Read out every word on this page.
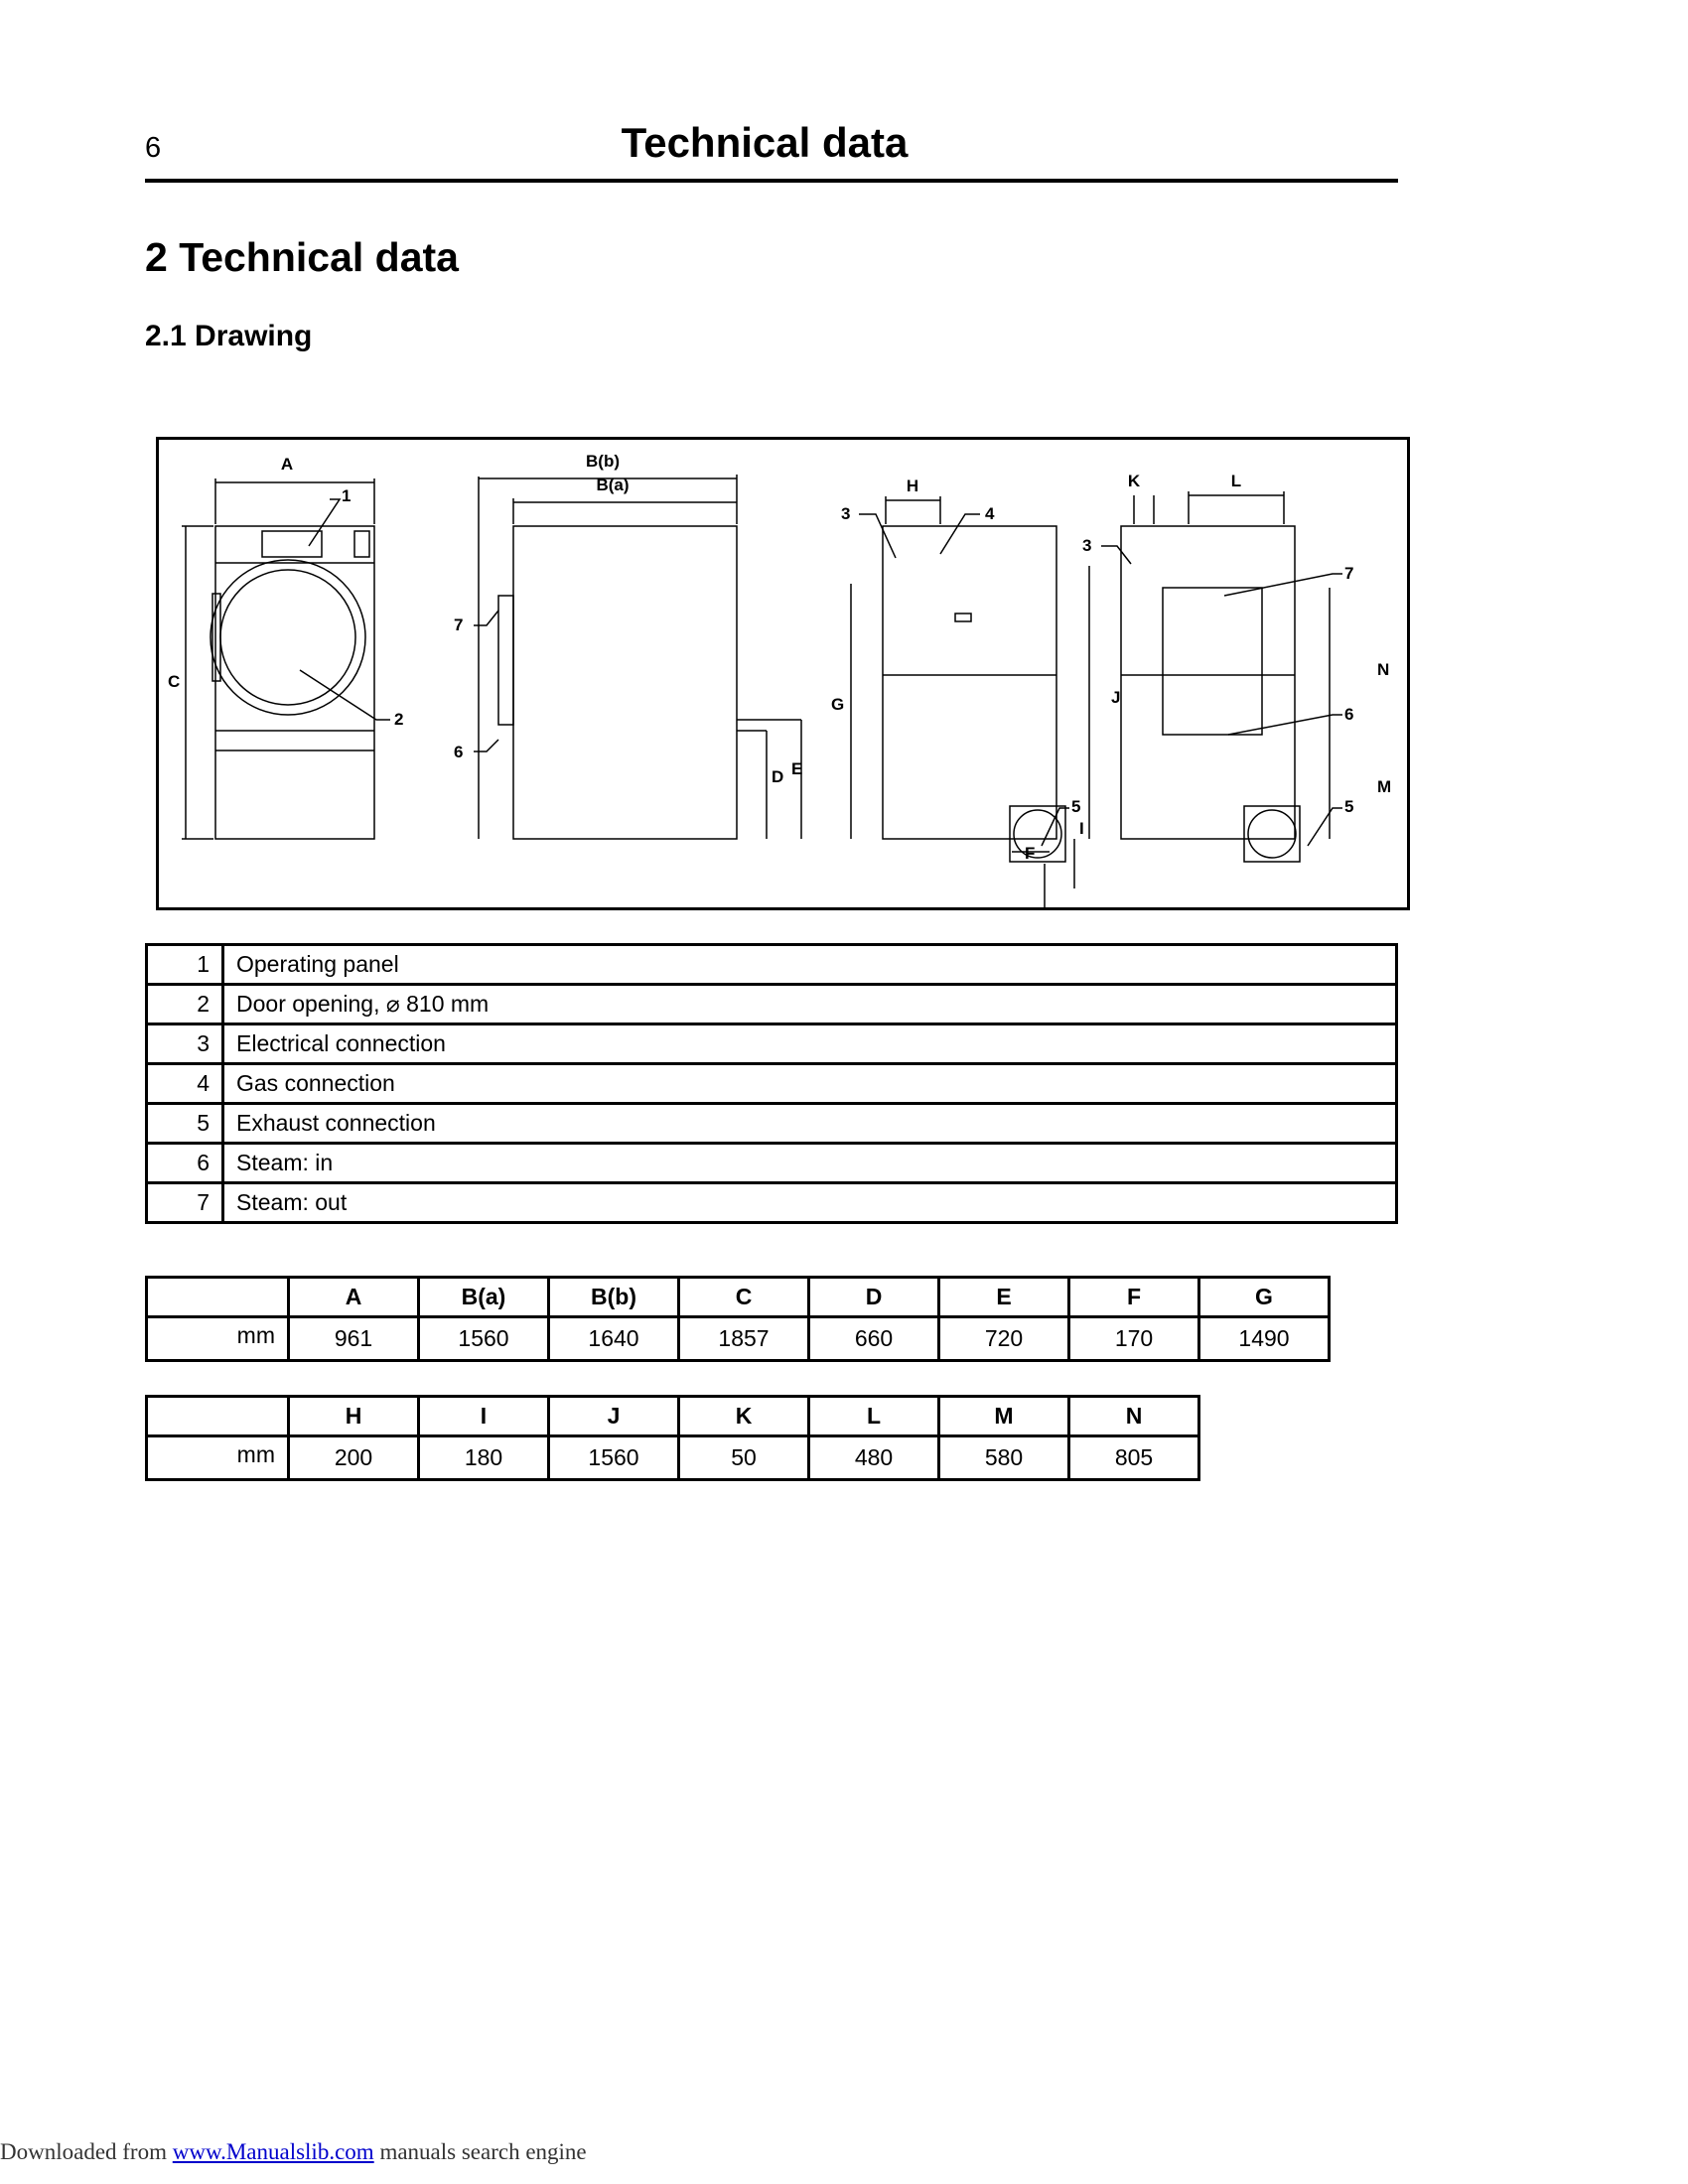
6	Technical data
2 Technical data
2.1 Drawing
A
1
C
2
B(b)
B(a)
7
6
D E
H
3	4
G
5
I
F
K	L
3
7
N
J
6
5
M
1	Operating panel
2	Door opening, ⌀ 810 mm
3	Electrical connection
4	Gas connection
5	Exhaust connection
6	Steam: in
7	Steam: out
	A	B(a)	B(b)	C	D	E	F	G
mm	961	1560	1640	1857	660	720	170	1490
	H	I	J	K	L	M	N
mm	200	180	1560	50	480	580	805
Downloaded from www.Manualslib.com manuals search engine
